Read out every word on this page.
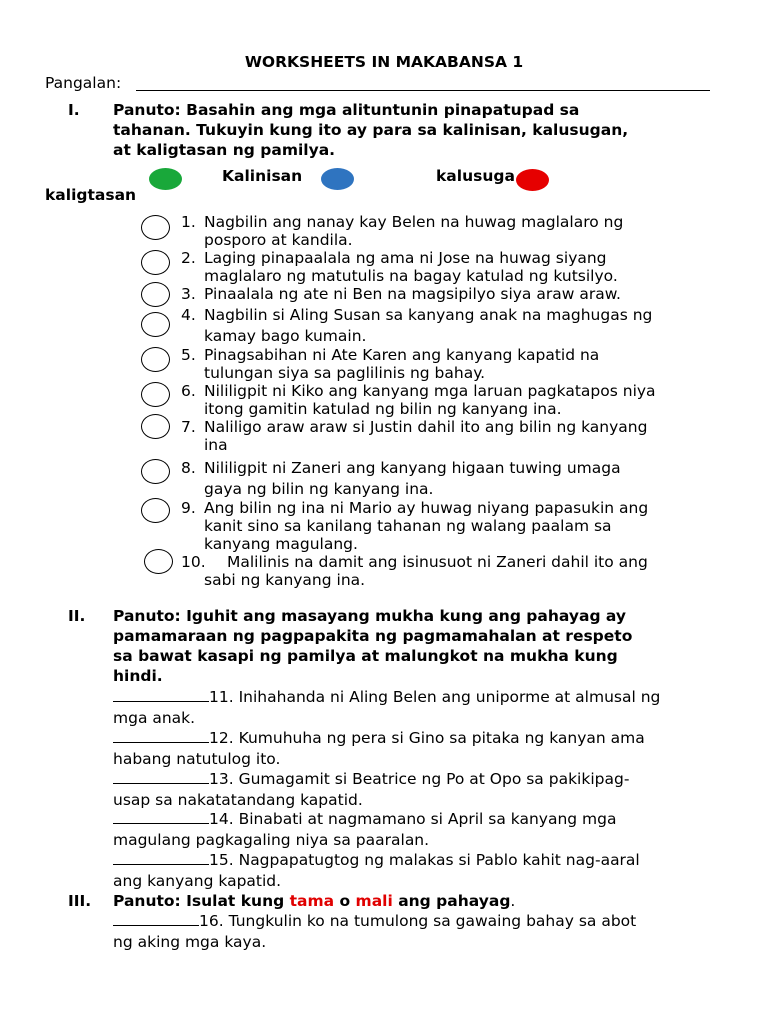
WORKSHEETS IN MAKABANSA 1
Pangalan:
I. Panuto: Basahin ang mga alituntunin pinapatupad sa
tahanan. Tukuyin kung ito ay para sa kalinisan, kalusugan,
at kaligtasan ng pamilya.
Kalinisan	kalusuga
kaligtasan
1. Nagbilin ang nanay kay Belen na huwag maglalaro ng
posporo at kandila.
2. Laging pinapaalala ng ama ni Jose na huwag siyang
maglalaro ng matutulis na bagay katulad ng kutsilyo.
3. Pinaalala ng ate ni Ben na magsipilyo siya araw araw.
4. Nagbilin si Aling Susan sa kanyang anak na maghugas ng
kamay bago kumain.
5. Pinagsabihan ni Ate Karen ang kanyang kapatid na
tulungan siya sa paglilinis ng bahay.
6. Nililigpit ni Kiko ang kanyang mga laruan pagkatapos niya
itong gamitin katulad ng bilin ng kanyang ina.
7. Naliligo araw araw si Justin dahil ito ang bilin ng kanyang
ina
8. Nililigpit ni Zaneri ang kanyang higaan tuwing umaga
gaya ng bilin ng kanyang ina.
9. Ang bilin ng ina ni Mario ay huwag niyang papasukin ang
kanit sino sa kanilang tahanan ng walang paalam sa
kanyang magulang.
10. Malilinis na damit ang isinusuot ni Zaneri dahil ito ang
sabi ng kanyang ina.
II. Panuto: Iguhit ang masayang mukha kung ang pahayag ay
pamamaraan ng pagpapakita ng pagmamahalan at respeto
sa bawat kasapi ng pamilya at malungkot na mukha kung
hindi.
11. Inihahanda ni Aling Belen ang uniporme at almusal ng
mga anak.
12. Kumuhuha ng pera si Gino sa pitaka ng kanyan ama
habang natutulog ito.
13. Gumagamit si Beatrice ng Po at Opo sa pakikipag-
usap sa nakatatandang kapatid.
14. Binabati at nagmamano si April sa kanyang mga
magulang pagkagaling niya sa paaralan.
15. Nagpapatugtog ng malakas si Pablo kahit nag-aaral
ang kanyang kapatid.
III. Panuto: Isulat kung tama o mali ang pahayag.
16. Tungkulin ko na tumulong sa gawaing bahay sa abot
ng aking mga kaya.
